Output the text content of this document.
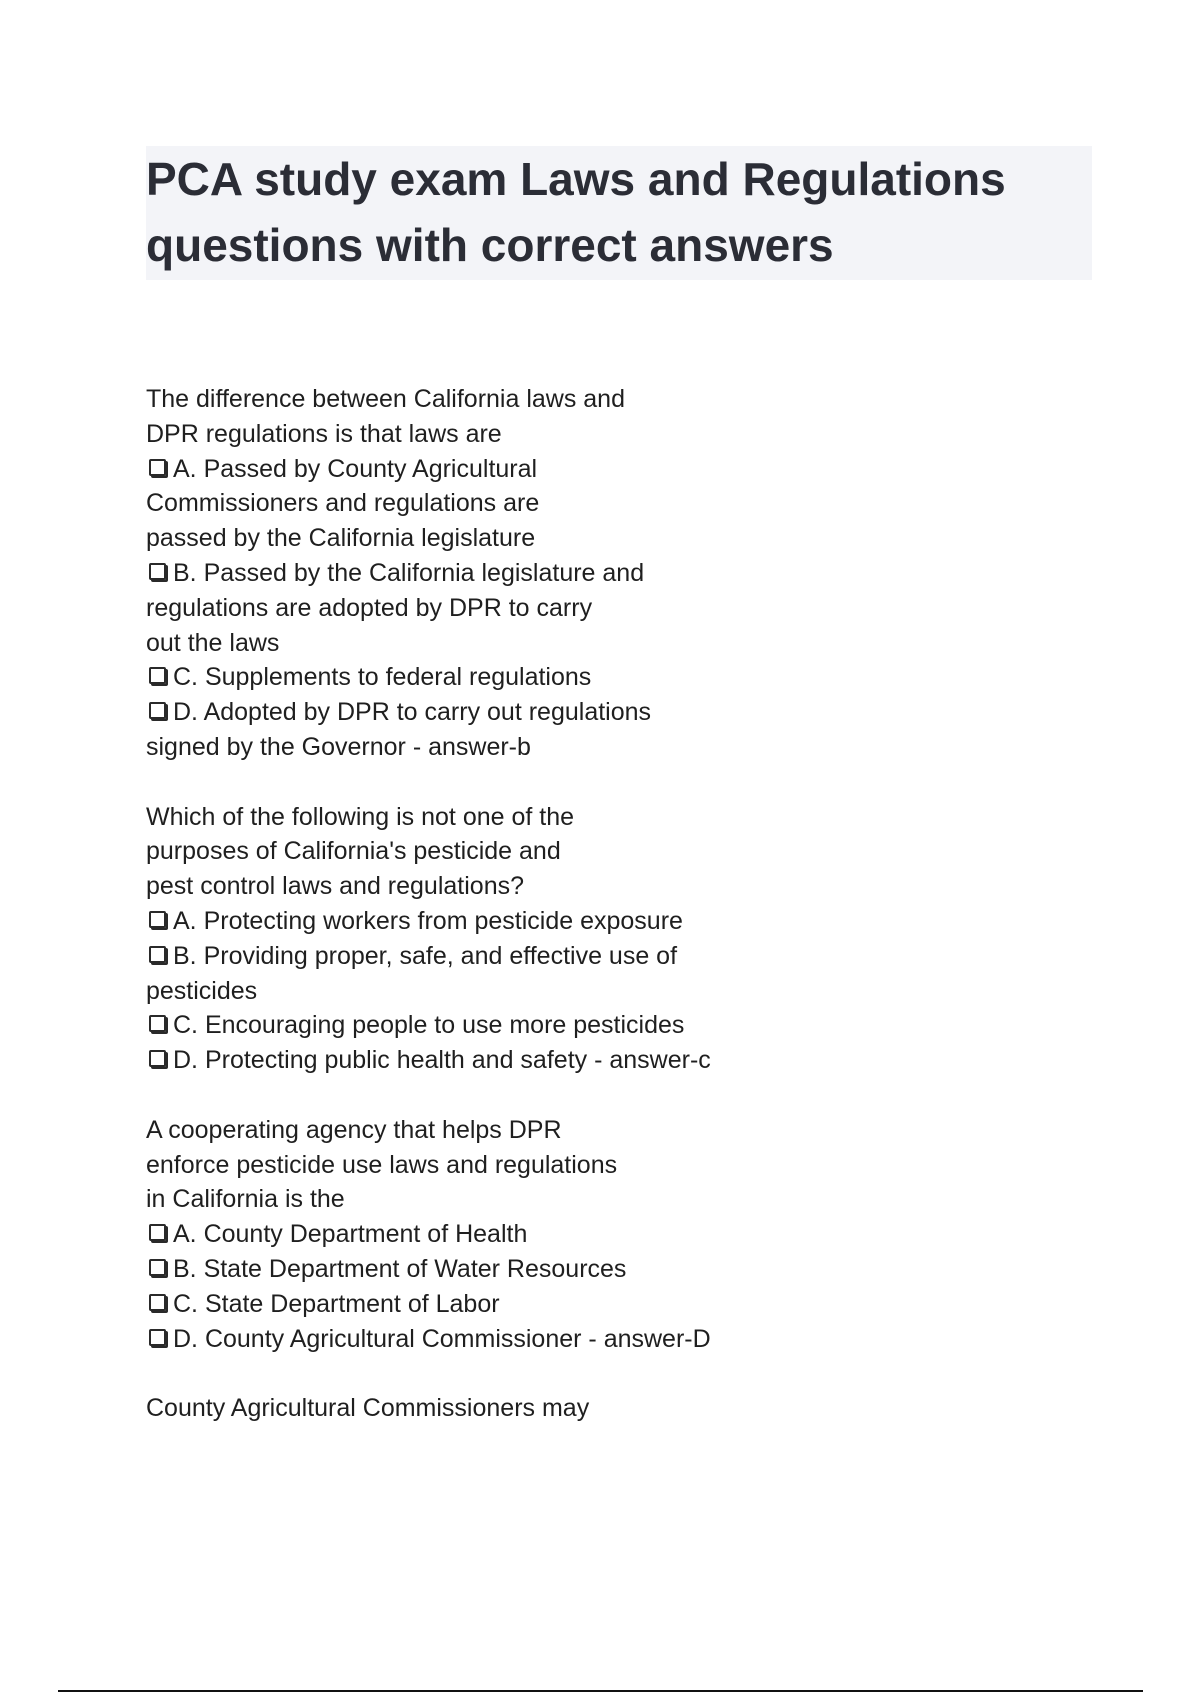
PCA study exam Laws and Regulations
questions with correct answers
The difference between California laws and
DPR regulations is that laws are
A. Passed by County Agricultural
Commissioners and regulations are
passed by the California legislature
B. Passed by the California legislature and
regulations are adopted by DPR to carry
out the laws
C. Supplements to federal regulations
D. Adopted by DPR to carry out regulations
signed by the Governor - answer-b
Which of the following is not one of the
purposes of California's pesticide and
pest control laws and regulations?
A. Protecting workers from pesticide exposure
B. Providing proper, safe, and effective use of
pesticides
C. Encouraging people to use more pesticides
D. Protecting public health and safety - answer-c
A cooperating agency that helps DPR
enforce pesticide use laws and regulations
in California is the
A. County Department of Health
B. State Department of Water Resources
C. State Department of Labor
D. County Agricultural Commissioner - answer-D
County Agricultural Commissioners may
